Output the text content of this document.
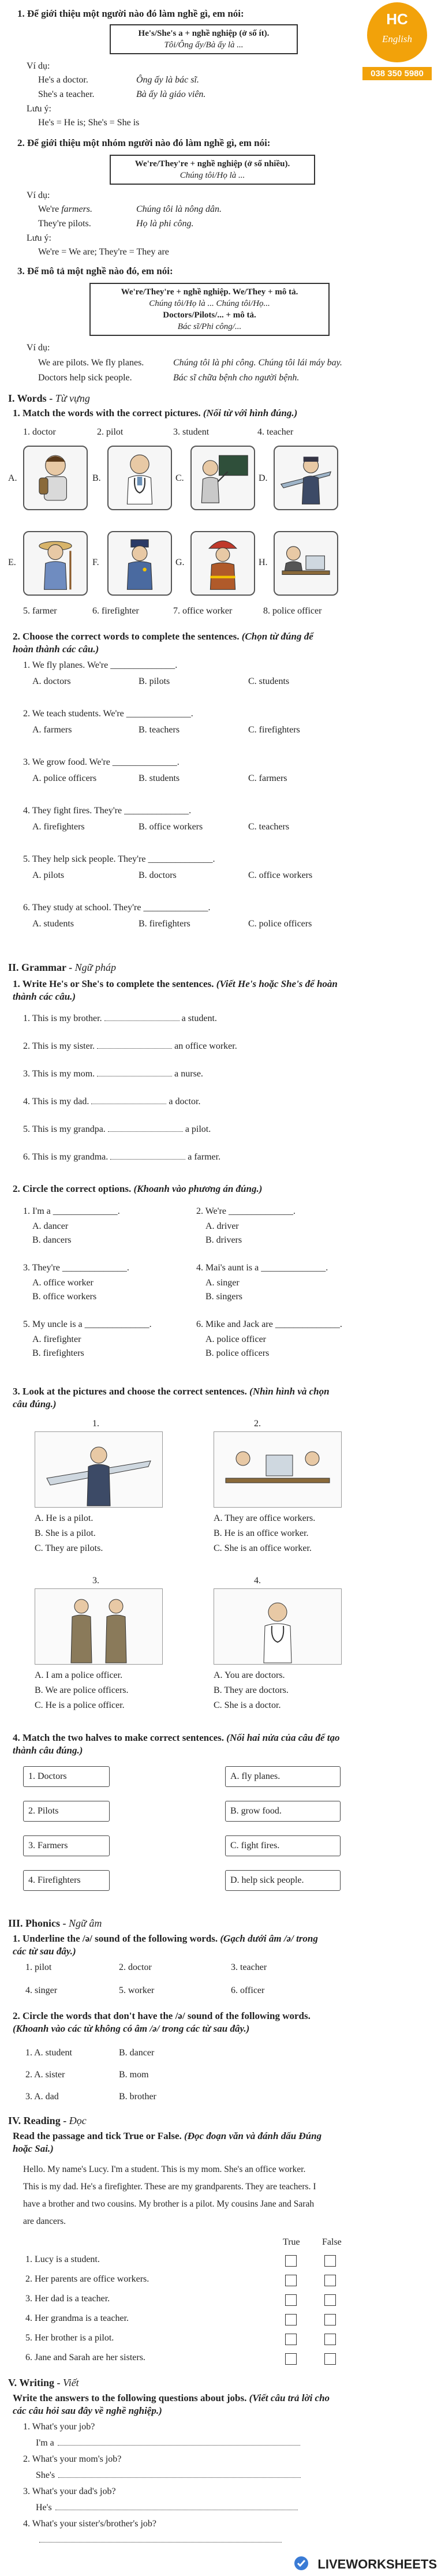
HC
English
038 350 5980
1. Để giới thiệu một người nào đó làm nghề gì, em nói:
He's/She's a + nghề nghiệp (ở số ít).
Tôi/Ông ấy/Bà ấy là ...
Ví dụ:
He's a doctor.	Ông ấy là bác sĩ.
She's a teacher.	Bà ấy là giáo viên.
Lưu ý:
He's = He is; She's = She is
2. Để giới thiệu một nhóm người nào đó làm nghề gì, em nói:
We're/They're + nghề nghiệp (ở số nhiều).
Chúng tôi/Họ là ...
Ví dụ:
We're farmers.	Chúng tôi là nông dân.
They're pilots.	Họ là phi công.
Lưu ý:
We're = We are; They're = They are
3. Để mô tả một nghề nào đó, em nói:
We're/They're + nghề nghiệp. We/They + mô tả.
Chúng tôi/Họ là ... Chúng tôi/Họ...
Doctors/Pilots/... + mô tả.
Bác sĩ/Phi công/...
Ví dụ:
We are pilots. We fly planes.	Chúng tôi là phi công. Chúng tôi lái máy bay.
Doctors help sick people.	Bác sĩ chữa bệnh cho người bệnh.
I. Words - Từ vựng
1. Match the words with the correct pictures. (Nối từ với hình đúng.)
1. doctor	2. pilot	3. student	4. teacher
A.	B.	C.	D.
E.	F.	G.	H.
5. farmer	6. firefighter	7. office worker	8. police officer
2. Choose the correct words to complete the sentences. (Chọn từ đúng để hoàn thành các câu.)
II. Grammar - Ngữ pháp
1. Write He's or She's to complete the sentences. (Viết He's hoặc She's để hoàn thành các câu.)
2. Circle the correct options. (Khoanh vào phương án đúng.)
3. Look at the pictures and choose the correct sentences. (Nhìn hình và chọn câu đúng.)
1.	2.
3.	4.
4. Match the two halves to make correct sentences. (Nối hai nửa của câu để tạo thành câu đúng.)
III. Phonics - Ngữ âm
1. Underline the /ə/ sound of the following words. (Gạch dưới âm /ə/ trong các từ sau đây.)
1. pilot	2. doctor	3. teacher
4. singer	5. worker	6. officer
2. Circle the words that don't have the /ə/ sound of the following words. (Khoanh vào các từ không có âm /ə/ trong các từ sau đây.)
1. A. student	B. dancer
2. A. sister	B. mom
3. A. dad	B. brother
IV. Reading - Đọc
Read the passage and tick True or False. (Đọc đoạn văn và đánh dấu Đúng hoặc Sai.)
Hello. My name's Lucy. I'm a student. This is my mom. She's an office worker.
This is my dad. He's a firefighter. These are my grandparents. They are teachers. I
have a brother and two cousins. My brother is a pilot. My cousins Jane and Sarah
are dancers.
True False
V. Writing - Viết
Write the answers to the following questions about jobs. (Viết câu trả lời cho các câu hỏi sau đây về nghề nghiệp.)
LIVEWORKSHEETS
1. We fly planes. We're ______________.
A. doctors	B. pilots	C. students
2. We teach students. We're ______________.
A. farmers	B. teachers	C. firefighters
3. We grow food. We're ______________.
A. police officers	B. students	C. farmers
4. They fight fires. They're ______________.
A. firefighters	B. office workers	C. teachers
5. They help sick people. They're ______________.
A. pilots	B. doctors	C. office workers
6. They study at school. They're ______________.
A. students	B. firefighters	C. police officers
1. This is my brother.	a student.
2. This is my sister.	an office worker.
3. This is my mom.	a nurse.
4. This is my dad.	a doctor.
5. This is my grandpa.	a pilot.
6. This is my grandma.	a farmer.
1. I'm a ______________.
A. dancer
B. dancers
3. They're ______________.
A. office worker
B. office workers
5. My uncle is a ______________.
A. firefighter
B. firefighters
2. We're ______________.
A. driver
B. drivers
4. Mai's aunt is a ______________.
A. singer
B. singers
6. Mike and Jack are ______________.
A. police officer
B. police officers
A. He is a pilot.
B. She is a pilot.
C. They are pilots.
A. They are office workers.
B. He is an office worker.
C. She is an office worker.
A. I am a police officer.
B. We are police officers.
C. He is a police officer.
A. You are doctors.
B. They are doctors.
C. She is a doctor.
1. Doctors
2. Pilots
3. Farmers
4. Firefighters
A. fly planes.
B. grow food.
C. fight fires.
D. help sick people.
1. Lucy is a student.
2. Her parents are office workers.
3. Her dad is a teacher.
4. Her grandma is a teacher.
5. Her brother is a pilot.
6. Jane and Sarah are her sisters.
1. What's your job?
I'm a
2. What's your mom's job?
She's
3. What's your dad's job?
He's
4. What's your sister's/brother's job?
